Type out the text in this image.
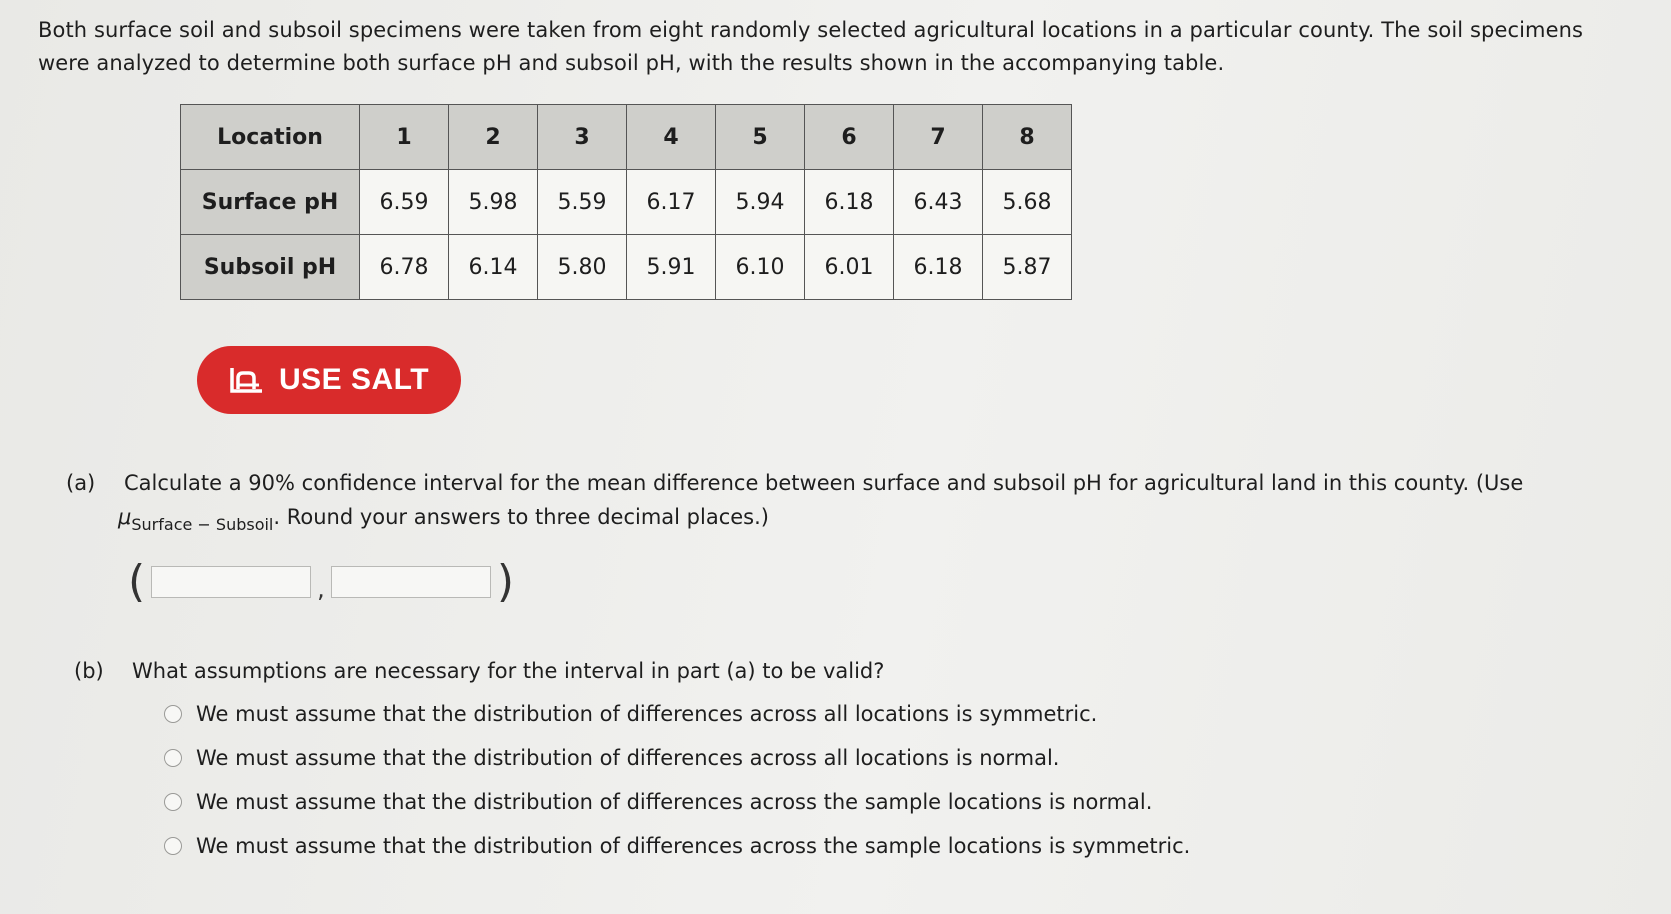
Both surface soil and subsoil specimens were taken from eight randomly selected agricultural locations in a particular county. The soil specimens were analyzed to determine both surface pH and subsoil pH, with the results shown in the accompanying table.
Location	1	2	3	4	5	6	7	8
Surface pH	6.59	5.98	5.59	6.17	5.94	6.18	6.43	5.68
Subsoil pH	6.78	6.14	5.80	5.91	6.10	6.01	6.18	5.87
USE SALT
(a) Calculate a 90% confidence interval for the mean difference between surface and subsoil pH for agricultural land in this county. (Use
$\mu_{Surface - Subsoil}$. Round your answers to three decimal places.)
(	,	)
(b) What assumptions are necessary for the interval in part (a) to be valid?
We must assume that the distribution of differences across all locations is symmetric.
We must assume that the distribution of differences across all locations is normal.
We must assume that the distribution of differences across the sample locations is normal.
We must assume that the distribution of differences across the sample locations is symmetric.
